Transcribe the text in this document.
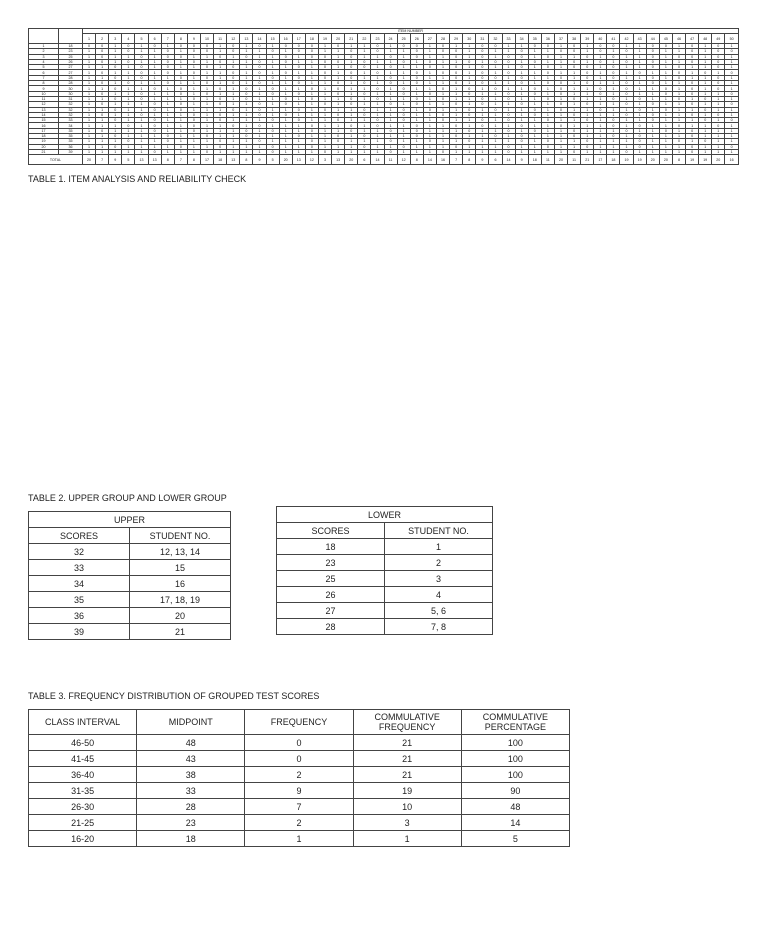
		ITEM NUMBER																																																	
		1	2	3	4	5	6	7	8	9	10	11	12	13	14	15	16	17	18	19	20	21	22	23	24	25	26	27	28	29	30	31	32	33	34	35	36	37	38	39	40	41	42	43	44	45	46	47	48	49	50
1	18	0	0	1	0	1	0	1	0	0	0	1	0	1	0	1	0	0	0	1	0	1	1	0	1	0	0	1	0	1	1	0	0	1	1	0	0	1	0	1	0	0	1	1	0	0	1	0	1	0	1
2	23	1	0	1	0	1	1	0	1	0	0	1	0	1	1	0	1	0	0	1	1	0	1	0	1	1	0	1	0	0	1	0	1	1	0	1	1	0	0	1	0	1	0	1	0	1	1	0	1	0	0
3	25	1	0	1	1	0	1	0	0	1	1	0	1	0	1	1	0	1	0	0	1	0	1	1	0	1	0	1	1	0	1	0	1	0	0	1	0	1	1	0	1	0	1	1	0	1	0	0	1	0	1
4	26	1	0	1	0	1	1	0	1	0	1	0	1	1	0	1	0	1	1	0	0	1	0	1	1	0	1	0	1	1	0	1	0	0	1	0	1	1	0	1	0	1	0	1	0	1	1	0	1	0	1
5	27	1	1	0	1	0	1	0	1	1	0	1	0	1	0	1	1	0	1	0	1	0	0	1	0	1	1	0	1	0	1	0	1	1	0	1	0	1	0	0	1	0	1	1	0	1	0	1	1	0	1
6	27	1	0	1	1	0	1	0	1	0	1	1	0	1	0	1	0	1	1	0	1	0	1	0	1	1	0	1	0	0	1	0	1	0	1	1	0	1	1	0	1	0	1	0	1	1	0	1	0	1	0
7	28	1	1	0	1	0	1	1	0	1	0	1	0	1	1	0	1	0	1	0	1	0	1	1	0	1	0	1	1	0	1	0	0	1	0	1	1	0	1	0	1	0	1	1	0	1	0	1	1	0	1
8	28	1	0	1	0	1	1	0	1	1	0	1	0	1	0	1	1	0	1	1	0	1	0	1	0	1	0	1	1	0	1	0	1	1	0	1	0	0	1	0	1	1	0	1	0	1	1	0	1	0	1
9	30	1	1	0	1	1	0	1	0	1	1	0	1	0	1	0	1	1	0	1	0	1	1	0	1	0	1	1	0	1	0	1	0	1	1	0	1	0	1	1	0	1	0	1	1	0	1	0	1	0	1
10	30	1	0	1	1	0	1	1	0	1	0	1	1	0	1	0	1	0	1	1	0	1	0	1	1	0	1	0	1	1	0	1	1	0	1	0	1	0	1	1	0	1	0	1	1	0	1	0	1	1	0
11	31	1	1	0	1	0	1	1	1	0	1	0	1	0	1	1	0	1	0	1	1	0	1	0	1	1	0	1	0	1	1	0	1	0	1	1	0	1	0	1	1	0	1	0	1	1	0	1	0	1	1
12	32	1	0	1	1	1	0	1	0	1	1	0	1	1	0	1	0	1	1	0	1	0	1	1	0	1	0	1	1	0	1	0	1	1	0	1	1	0	1	0	1	1	0	1	0	1	1	0	1	1	0
13	32	1	1	0	1	1	0	1	0	1	1	1	0	1	0	1	1	0	1	0	1	1	0	1	1	0	1	0	1	1	0	1	0	1	1	0	1	0	1	1	0	1	1	0	1	0	1	1	0	1	1
14	32	1	0	1	1	0	1	1	1	0	1	0	1	1	0	1	0	1	1	1	0	1	0	1	1	0	1	1	0	1	0	1	1	0	1	0	1	1	0	1	1	1	0	1	0	1	1	0	1	0	1
15	33	1	1	0	1	1	0	1	1	0	1	0	1	1	1	0	1	0	1	1	0	1	1	0	1	0	1	1	0	1	1	0	1	0	1	1	0	1	1	0	1	0	1	1	0	1	1	1	0	1	0
16	34	1	1	1	0	1	0	1	1	0	1	1	0	1	0	1	1	1	0	1	1	0	1	0	1	1	0	1	1	0	1	0	1	1	0	1	1	0	1	1	1	0	1	0	1	1	0	1	1	0	1
17	35	1	0	1	1	1	0	1	1	0	1	1	1	0	1	0	1	1	0	1	1	0	1	1	0	1	0	1	1	1	0	1	1	0	1	0	1	1	0	1	1	1	0	1	1	0	1	0	1	1	1
18	35	1	1	0	1	1	1	0	1	1	0	1	1	0	1	1	1	0	1	1	0	1	0	1	1	1	0	1	1	0	1	1	0	1	0	1	1	1	0	1	1	0	1	0	1	1	1	0	1	1	1
19	35	1	1	1	0	1	1	0	1	1	1	0	1	1	0	1	1	1	0	1	0	1	1	1	0	1	1	0	1	1	0	1	1	1	0	1	0	1	1	0	1	1	1	0	1	1	0	1	0	1	1
20	36	1	1	0	1	1	1	1	0	1	1	0	1	1	1	0	1	1	0	1	1	1	0	1	1	0	1	1	1	0	1	1	1	0	1	1	0	1	1	0	1	1	1	0	1	1	1	0	1	1	0
21	39	1	1	1	1	1	0	1	1	1	0	1	1	1	1	0	1	1	1	0	1	1	1	1	0	1	1	1	0	1	1	1	1	0	1	1	1	1	0	1	1	1	0	1	1	1	1	0	1	1	1
TOTAL		20	7	9	5	13	13	8	7	8	17	18	13	8	9	5	20	13	12	3	13	20	6	14	11	12	8	14	16	7	8	9	6	14	9	18	11	20	11	21	17	18	19	19	20	20	8	19	19	20	16
TABLE 1. ITEM ANALYSIS AND RELIABILITY CHECK
TABLE 2. UPPER GROUP AND LOWER GROUP
UPPER	
SCORES	STUDENT NO.
32	12, 13, 14
33	15
34	16
35	17, 18, 19
36	20
39	21
LOWER	
SCORES	STUDENT NO.
18	1
23	2
25	3
26	4
27	5, 6
28	7, 8
TABLE 3. FREQUENCY DISTRIBUTION OF GROUPED TEST SCORES
CLASS INTERVAL	MIDPOINT	FREQUENCY	COMMULATIVE FREQUENCY	COMMULATIVE PERCENTAGE
46-50	48	0	21	100
41-45	43	0	21	100
36-40	38	2	21	100
31-35	33	9	19	90
26-30	28	7	10	48
21-25	23	2	3	14
16-20	18	1	1	5
